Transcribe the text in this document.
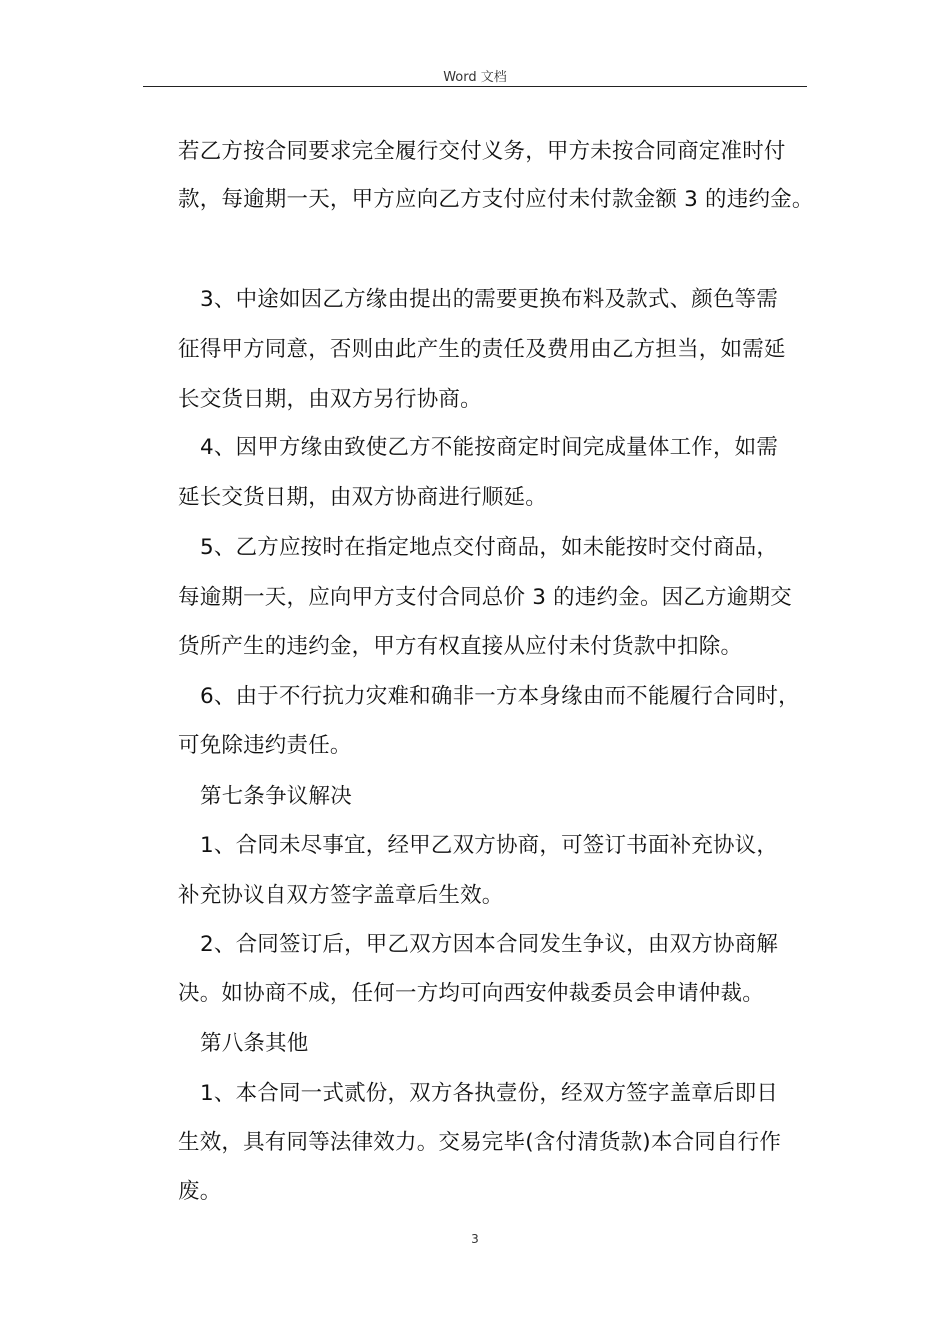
Word 文档
若乙方按合同要求完全履行交付义务，甲方未按合同商定准时付
款，每逾期一天，甲方应向乙方支付应付未付款金额 3 的违约金。
3、中途如因乙方缘由提出的需要更换布料及款式、颜色等需
征得甲方同意，否则由此产生的责任及费用由乙方担当，如需延
长交货日期，由双方另行协商。
4、因甲方缘由致使乙方不能按商定时间完成量体工作，如需
延长交货日期，由双方协商进行顺延。
5、乙方应按时在指定地点交付商品，如未能按时交付商品，
每逾期一天，应向甲方支付合同总价 3 的违约金。因乙方逾期交
货所产生的违约金，甲方有权直接从应付未付货款中扣除。
6、由于不行抗力灾难和确非一方本身缘由而不能履行合同时，
可免除违约责任。
第七条争议解决
1、合同未尽事宜，经甲乙双方协商，可签订书面补充协议，
补充协议自双方签字盖章后生效。
2、合同签订后，甲乙双方因本合同发生争议，由双方协商解
决。如协商不成，任何一方均可向西安仲裁委员会申请仲裁。
第八条其他
1、本合同一式贰份，双方各执壹份，经双方签字盖章后即日
生效，具有同等法律效力。交易完毕(含付清货款)本合同自行作
废。
3
